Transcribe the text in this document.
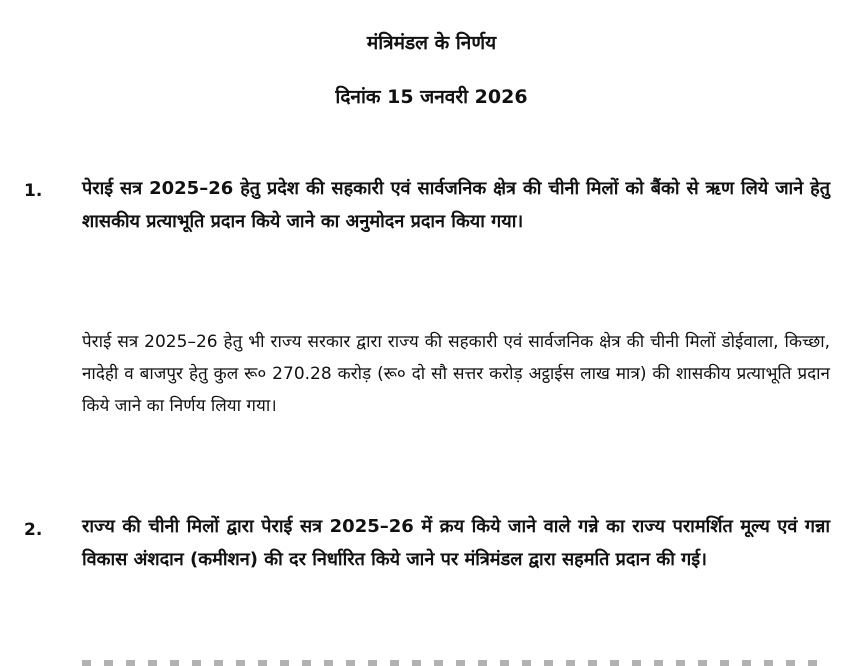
मंत्रिमंडल के निर्णय
दिनांक 15 जनवरी 2026
1. पेराई सत्र 2025–26 हेतु प्रदेश की सहकारी एवं सार्वजनिक क्षेत्र की चीनी मिलों को बैंको से ऋण लिये जाने हेतु शासकीय प्रत्याभूति प्रदान किये जाने का अनुमोदन प्रदान किया गया।
पेराई सत्र 2025–26 हेतु भी राज्य सरकार द्वारा राज्य की सहकारी एवं सार्वजनिक क्षेत्र की चीनी मिलों डोईवाला, किच्छा, नादेही व बाजपुर हेतु कुल रू० 270.28 करोड़ (रू० दो सौ सत्तर करोड़ अट्ठाईस लाख मात्र) की शासकीय प्रत्याभूति प्रदान किये जाने का निर्णय लिया गया।
2. राज्य की चीनी मिलों द्वारा पेराई सत्र 2025–26 में क्रय किये जाने वाले गन्ने का राज्य परामर्शित मूल्य एवं गन्ना विकास अंशदान (कमीशन) की दर निर्धारित किये जाने पर मंत्रिमंडल द्वारा सहमति प्रदान की गई।
